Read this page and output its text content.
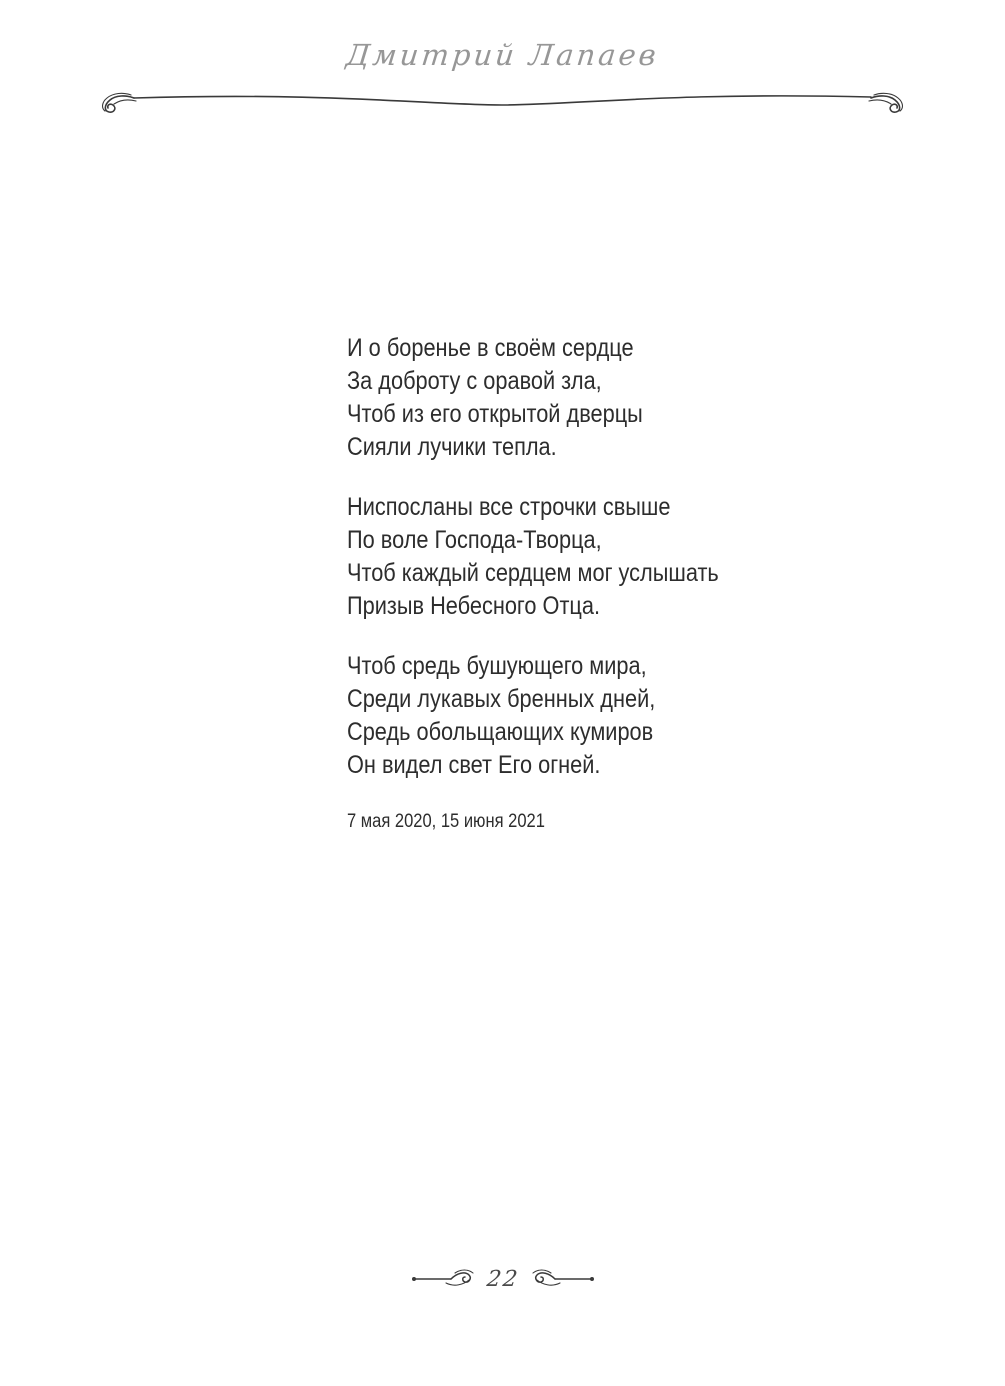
Дмитрий Лапаев
И о боренье в своём сердце
За доброту с оравой зла,
Чтоб из его открытой дверцы
Сияли лучики тепла.
Ниспосланы все строчки свыше
По воле Господа-Творца,
Чтоб каждый сердцем мог услышать
Призыв Небесного Отца.
Чтоб средь бушующего мира,
Среди лукавых бренных дней,
Средь обольщающих кумиров
Он видел свет Его огней.
7 мая 2020, 15 июня 2021
22
